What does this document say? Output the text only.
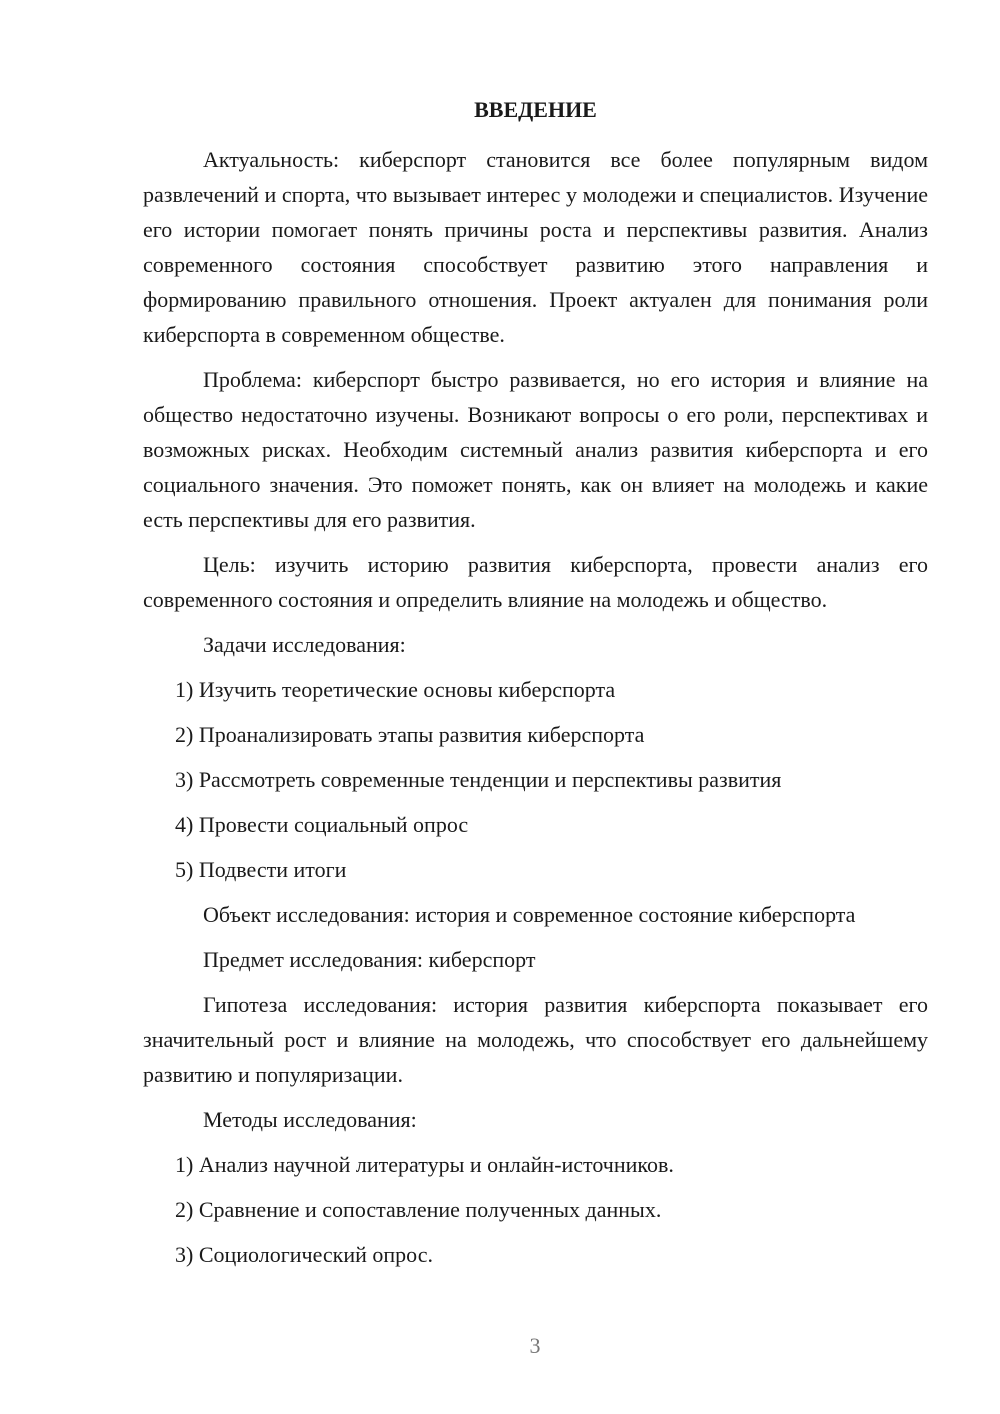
ВВЕДЕНИЕ

Актуальность: киберспорт становится все более популярным видом развлечений и спорта, что вызывает интерес у молодежи и специалистов. Изучение его истории помогает понять причины роста и перспективы развития. Анализ современного состояния способствует развитию этого направления и формированию правильного отношения. Проект актуален для понимания роли киберспорта в современном обществе.

Проблема: киберспорт быстро развивается, но его история и влияние на общество недостаточно изучены. Возникают вопросы о его роли, перспективах и возможных рисках. Необходим системный анализ развития киберспорта и его социального значения. Это поможет понять, как он влияет на молодежь и какие есть перспективы для его развития.

Цель: изучить историю развития киберспорта, провести анализ его современного состояния и определить влияние на молодежь и общество.

Задачи исследования:

1) Изучить теоретические основы киберспорта
2) Проанализировать этапы развития киберспорта
3) Рассмотреть современные тенденции и перспективы развития
4) Провести социальный опрос
5) Подвести итоги

Объект исследования: история и современное состояние киберспорта

Предмет исследования: киберспорт

Гипотеза исследования: история развития киберспорта показывает его значительный рост и влияние на молодежь, что способствует его дальнейшему развитию и популяризации.

Методы исследования:

1) Анализ научной литературы и онлайн-источников.
2) Сравнение и сопоставление полученных данных.
3) Социологический опрос.
3
